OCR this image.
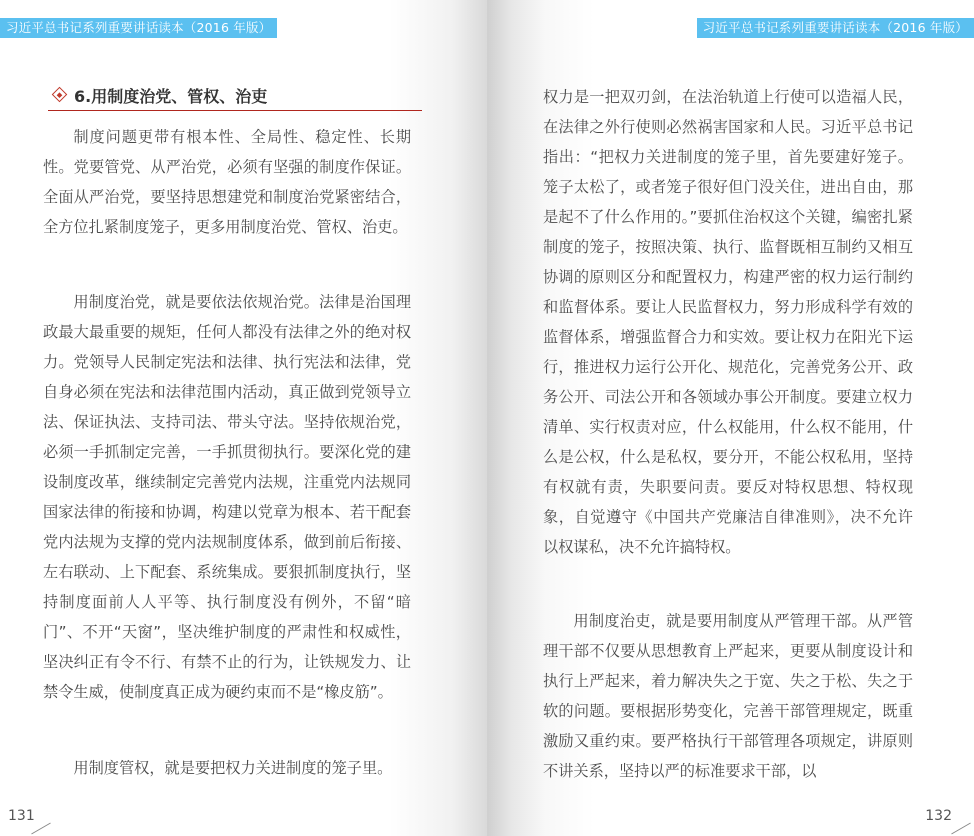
习近平总书记系列重要讲话读本（2016 年版）
6.用制度治党、管权、治吏

制度问题更带有根本性、全局性、稳定性、长期性。党要管党、从严治党，必须有坚强的制度作保证。全面从严治党，要坚持思想建党和制度治党紧密结合，全方位扎紧制度笼子，更多用制度治党、管权、治吏。

用制度治党，就是要依法依规治党。法律是治国理政最大最重要的规矩，任何人都没有法律之外的绝对权力。党领导人民制定宪法和法律、执行宪法和法律，党自身必须在宪法和法律范围内活动，真正做到党领导立法、保证执法、支持司法、带头守法。坚持依规治党，必须一手抓制定完善，一手抓贯彻执行。要深化党的建设制度改革，继续制定完善党内法规，注重党内法规同国家法律的衔接和协调，构建以党章为根本、若干配套党内法规为支撑的党内法规制度体系，做到前后衔接、左右联动、上下配套、系统集成。要狠抓制度执行，坚持制度面前人人平等、执行制度没有例外，不留“暗门”、不开“天窗”，坚决维护制度的严肃性和权威性，坚决纠正有令不行、有禁不止的行为，让铁规发力、让禁令生威，使制度真正成为硬约束而不是“橡皮筋”。

用制度管权，就是要把权力关进制度的笼子里。

131
习近平总书记系列重要讲话读本（2016 年版）

权力是一把双刃剑，在法治轨道上行使可以造福人民，在法律之外行使则必然祸害国家和人民。习近平总书记指出：“把权力关进制度的笼子里，首先要建好笼子。笼子太松了，或者笼子很好但门没关住，进出自由，那是起不了什么作用的。”要抓住治权这个关键，编密扎紧制度的笼子，按照决策、执行、监督既相互制约又相互协调的原则区分和配置权力，构建严密的权力运行制约和监督体系。要让人民监督权力，努力形成科学有效的监督体系，增强监督合力和实效。要让权力在阳光下运行，推进权力运行公开化、规范化，完善党务公开、政务公开、司法公开和各领域办事公开制度。要建立权力清单、实行权责对应，什么权能用，什么权不能用，什么是公权，什么是私权，要分开，不能公权私用，坚持有权就有责，失职要问责。要反对特权思想、特权现象，自觉遵守《中国共产党廉洁自律准则》，决不允许以权谋私，决不允许搞特权。

用制度治吏，就是要用制度从严管理干部。从严管理干部不仅要从思想教育上严起来，更要从制度设计和执行上严起来，着力解决失之于宽、失之于松、失之于软的问题。要根据形势变化，完善干部管理规定，既重激励又重约束。要严格执行干部管理各项规定，讲原则不讲关系，坚持以严的标准要求干部，以

132
